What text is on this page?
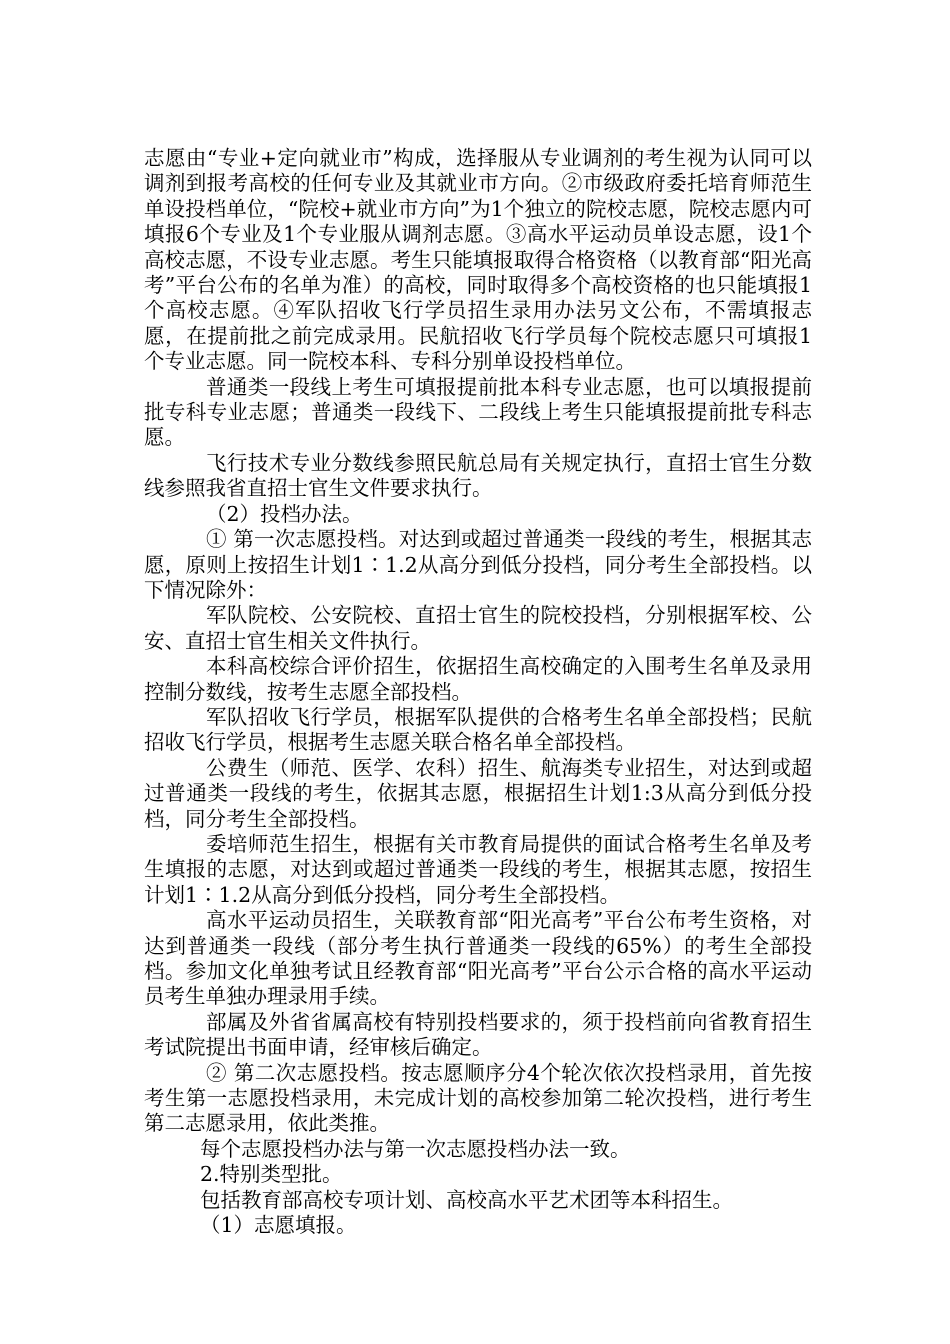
志愿由“专业+定向就业市”构成，选择服从专业调剂的考生视为认同可以调剂到报考高校的任何专业及其就业市方向。②市级政府委托培育师范生单设投档单位，“院校+就业市方向”为1个独立的院校志愿，院校志愿内可填报6个专业及1个专业服从调剂志愿。③高水平运动员单设志愿，设1个高校志愿，不设专业志愿。考生只能填报取得合格资格（以教育部“阳光高考”平台公布的名单为准）的高校，同时取得多个高校资格的也只能填报1个高校志愿。④军队招收飞行学员招生录用办法另文公布，不需填报志愿，在提前批之前完成录用。民航招收飞行学员每个院校志愿只可填报1个专业志愿。同一院校本科、专科分别单设投档单位。

普通类一段线上考生可填报提前批本科专业志愿，也可以填报提前批专科专业志愿；普通类一段线下、二段线上考生只能填报提前批专科志愿。

飞行技术专业分数线参照民航总局有关规定执行，直招士官生分数线参照我省直招士官生文件要求执行。

（2）投档办法。

① 第一次志愿投档。对达到或超过普通类一段线的考生，根据其志愿，原则上按招生计划1∶1.2从高分到低分投档，同分考生全部投档。以下情况除外：

军队院校、公安院校、直招士官生的院校投档，分别根据军校、公安、直招士官生相关文件执行。

本科高校综合评价招生，依据招生高校确定的入围考生名单及录用控制分数线，按考生志愿全部投档。

军队招收飞行学员，根据军队提供的合格考生名单全部投档；民航招收飞行学员，根据考生志愿关联合格名单全部投档。

公费生（师范、医学、农科）招生、航海类专业招生，对达到或超过普通类一段线的考生，依据其志愿，根据招生计划1:3从高分到低分投档，同分考生全部投档。

委培师范生招生，根据有关市教育局提供的面试合格考生名单及考生填报的志愿，对达到或超过普通类一段线的考生，根据其志愿，按招生计划1∶1.2从高分到低分投档，同分考生全部投档。

高水平运动员招生，关联教育部“阳光高考”平台公布考生资格，对达到普通类一段线（部分考生执行普通类一段线的65%）的考生全部投档。参加文化单独考试且经教育部“阳光高考”平台公示合格的高水平运动员考生单独办理录用手续。

部属及外省省属高校有特别投档要求的，须于投档前向省教育招生考试院提出书面申请，经审核后确定。

② 第二次志愿投档。按志愿顺序分4个轮次依次投档录用，首先按考生第一志愿投档录用，未完成计划的高校参加第二轮次投档，进行考生第二志愿录用，依此类推。

每个志愿投档办法与第一次志愿投档办法一致。

2.特别类型批。

包括教育部高校专项计划、高校高水平艺术团等本科招生。

（1）志愿填报。
